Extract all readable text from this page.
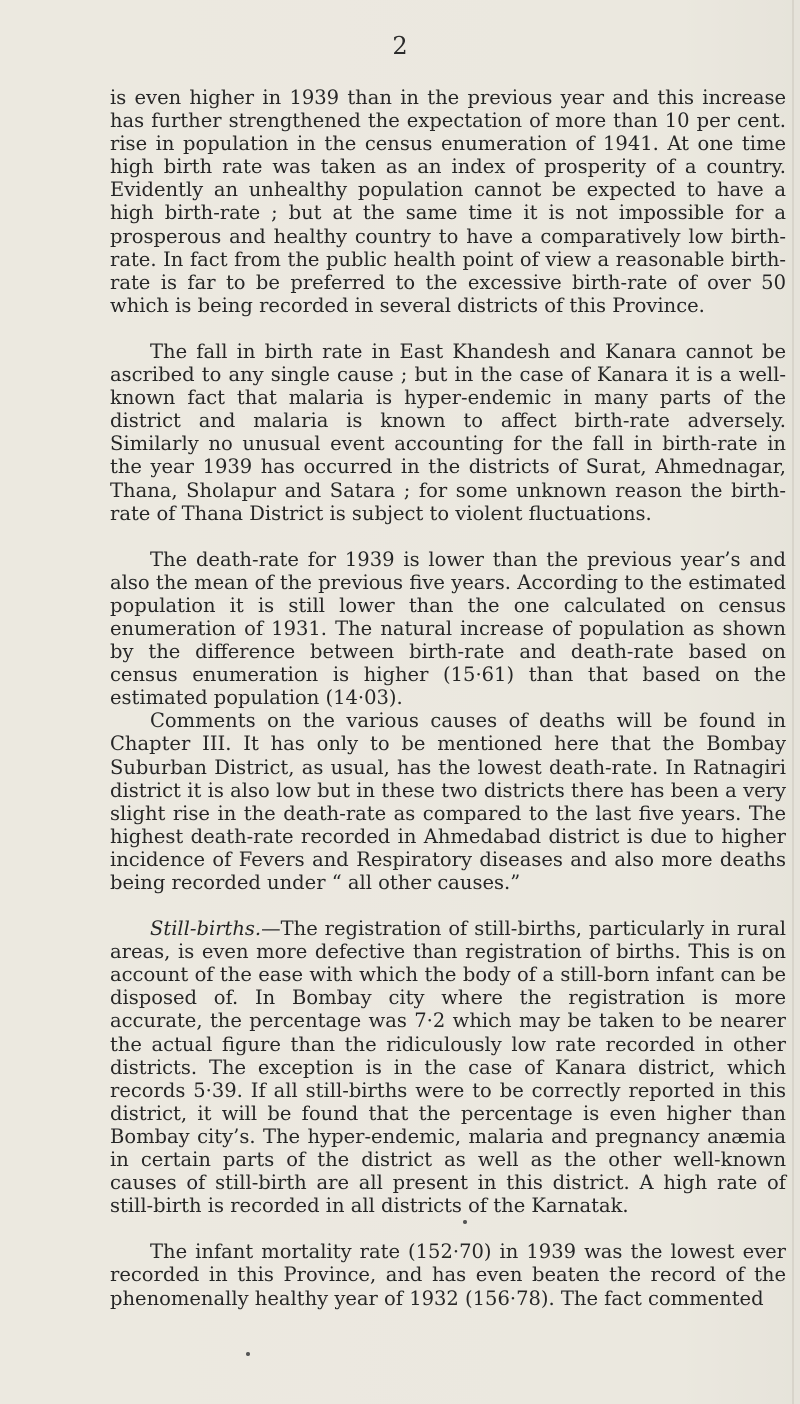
2

is even higher in 1939 than in the previous year and this increase has further strengthened the expectation of more than 10 per cent. rise in population in the census enumeration of 1941. At one time high birth rate was taken as an index of prosperity of a country. Evidently an unhealthy population cannot be expected to have a high birth-rate ; but at the same time it is not impossible for a prosperous and healthy country to have a comparatively low birth-rate. In fact from the public health point of view a reasonable birth-rate is far to be preferred to the excessive birth-rate of over 50 which is being recorded in several districts of this Province.

The fall in birth rate in East Khandesh and Kanara cannot be ascribed to any single cause ; but in the case of Kanara it is a well-known fact that malaria is hyper-endemic in many parts of the district and malaria is known to affect birth-rate adversely. Similarly no unusual event accounting for the fall in birth-rate in the year 1939 has occurred in the districts of Surat, Ahmednagar, Thana, Sholapur and Satara ; for some unknown reason the birth-rate of Thana District is subject to violent fluctuations.

The death-rate for 1939 is lower than the previous year’s and also the mean of the previous five years. According to the estimated population it is still lower than the one calculated on census enumeration of 1931. The natural increase of population as shown by the difference between birth-rate and death-rate based on census enumeration is higher (15·61) than that based on the estimated population (14·03).

Comments on the various causes of deaths will be found in Chapter III. It has only to be mentioned here that the Bombay Suburban District, as usual, has the lowest death-rate. In Ratnagiri district it is also low but in these two districts there has been a very slight rise in the death-rate as compared to the last five years. The highest death-rate recorded in Ahmedabad district is due to higher incidence of Fevers and Respiratory diseases and also more deaths being recorded under “ all other causes.”

Still-births.—The registration of still-births, particularly in rural areas, is even more defective than registration of births. This is on account of the ease with which the body of a still-born infant can be disposed of. In Bombay city where the registration is more accurate, the percentage was 7·2 which may be taken to be nearer the actual figure than the ridiculously low rate recorded in other districts. The exception is in the case of Kanara district, which records 5·39. If all still-births were to be correctly reported in this district, it will be found that the percentage is even higher than Bombay city’s. The hyper-endemic, malaria and pregnancy anæmia in certain parts of the district as well as the other well-known causes of still-birth are all present in this district. A high rate of still-birth is recorded in all districts of the Karnatak.

The infant mortality rate (152·70) in 1939 was the lowest ever recorded in this Province, and has even beaten the record of the phenomenally healthy year of 1932 (156·78). The fact commented
